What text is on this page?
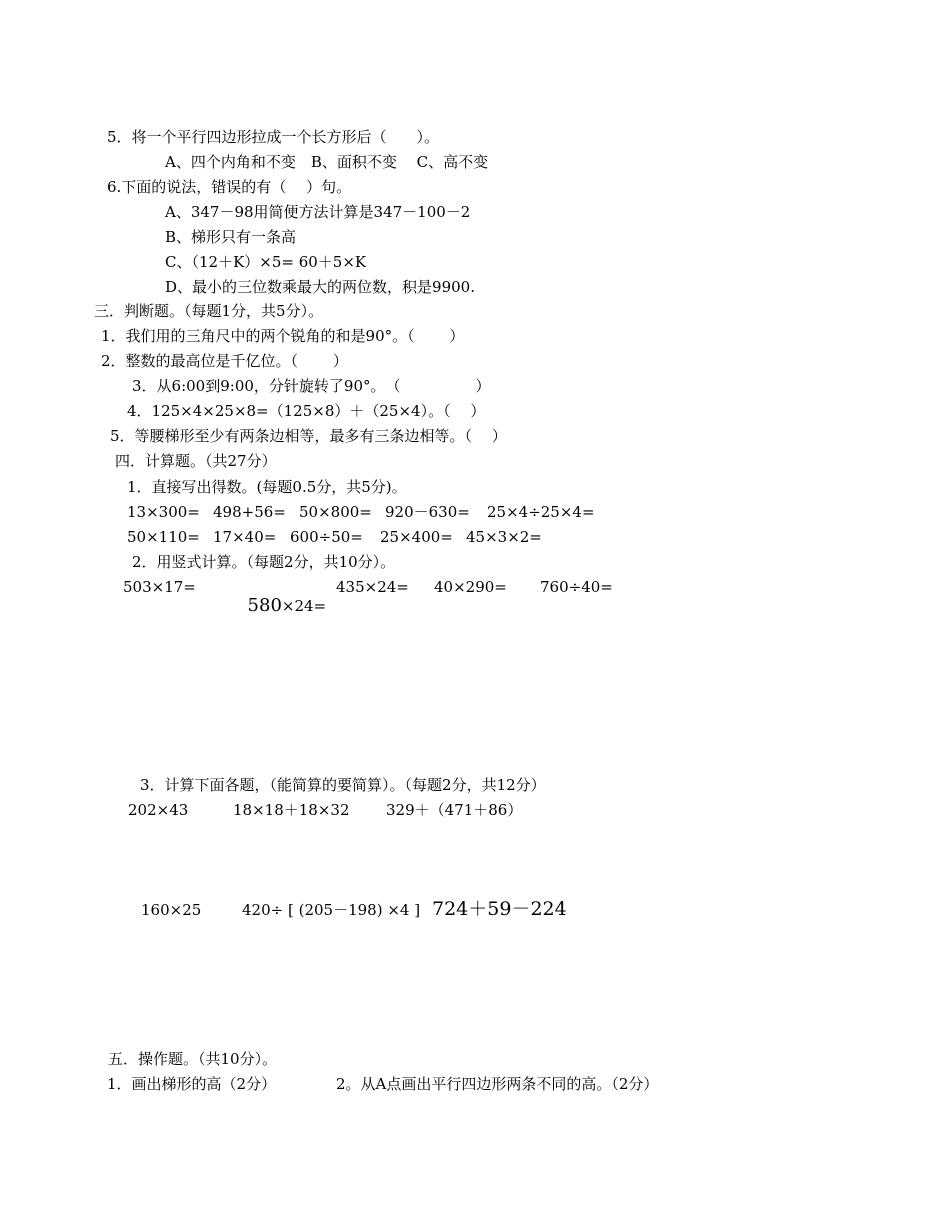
5．将一个平行四边形拉成一个长方形后（　　）。
A、四个内角和不变　B、面积不变　 C、高不变
6.下面的说法，错误的有（　 ）句。
A、347－98用简便方法计算是347－100－2
B、梯形只有一条高
C、（12＋K）×5= 60＋5×K
D、最小的三位数乘最大的两位数，积是9900.
三．判断题。（每题1分，共5分）。
1．我们用的三角尺中的两个锐角的和是90°。（　　 ）
2．整数的最高位是千亿位。（　　 ）
3．从6:00到9:00，分针旋转了90°。　（　　　　　）
4．125×4×25×8=（125×8）＋（25×4）。（　 ）
5．等腰梯形至少有两条边相等，最多有三条边相等。（　 ）
四．计算题。（共27分）
1．直接写出得数。(每题0.5分，共5分)。
13×300= 498+56= 50×800= 920－630= 25×4÷25×4=
50×110= 17×40= 600÷50= 25×400= 45×3×2=
2．用竖式计算。（每题2分，共10分）。
503×17=

580×24=

435×24= 40×290= 760÷40=
3．计算下面各题，（能简算的要简算）。（每题2分，共12分）
202×43	18×18＋18×32 329＋（471＋86）
160×25	420÷ [ (205－198) ×4 ] 724＋59－224
五．操作题。（共10分）。
1．画出梯形的高（2分）	2。从A点画出平行四边形两条不同的高。（2分）
